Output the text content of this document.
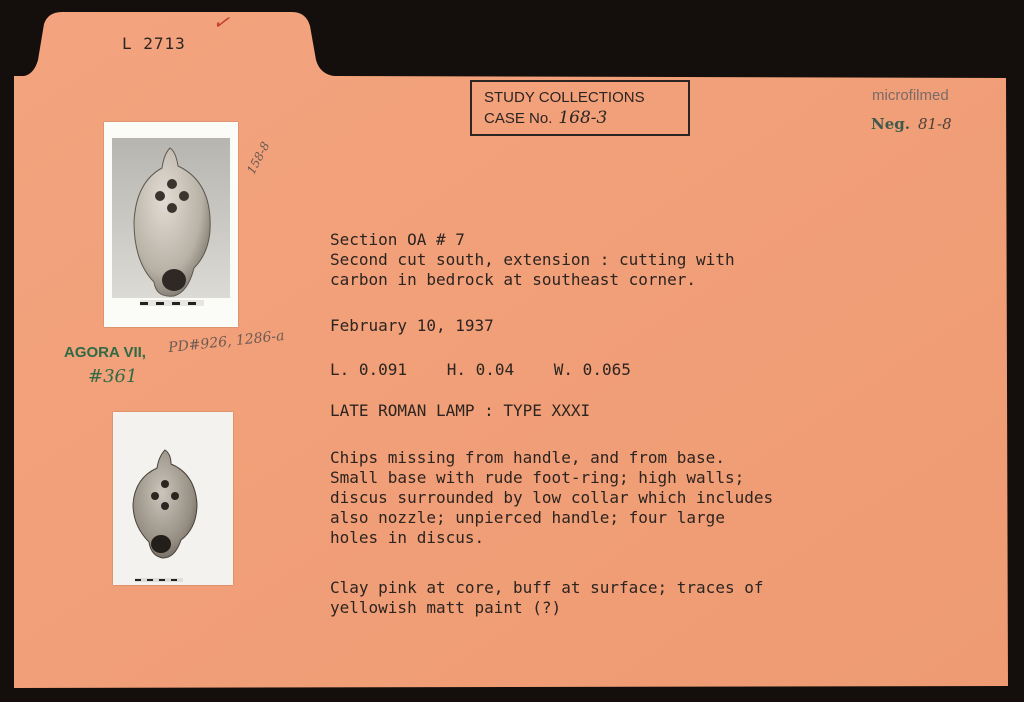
L 2713
✓
STUDY COLLECTIONS
CASE No. 168-3
microfilmed
Neg. 81-8
158-8
PD#926, 1286-a
AGORA VII,
#361
Section OA # 7
Second cut south, extension : cutting with
carbon in bedrock at southeast corner.
February 10, 1937
L. 0.091 H. 0.04 W. 0.065
LATE ROMAN LAMP : TYPE XXXI
Chips missing from handle, and from base.
Small base with rude foot-ring; high walls;
discus surrounded by low collar which includes
also nozzle; unpierced handle; four large
holes in discus.
Clay pink at core, buff at surface; traces of
yellowish matt paint (?)
